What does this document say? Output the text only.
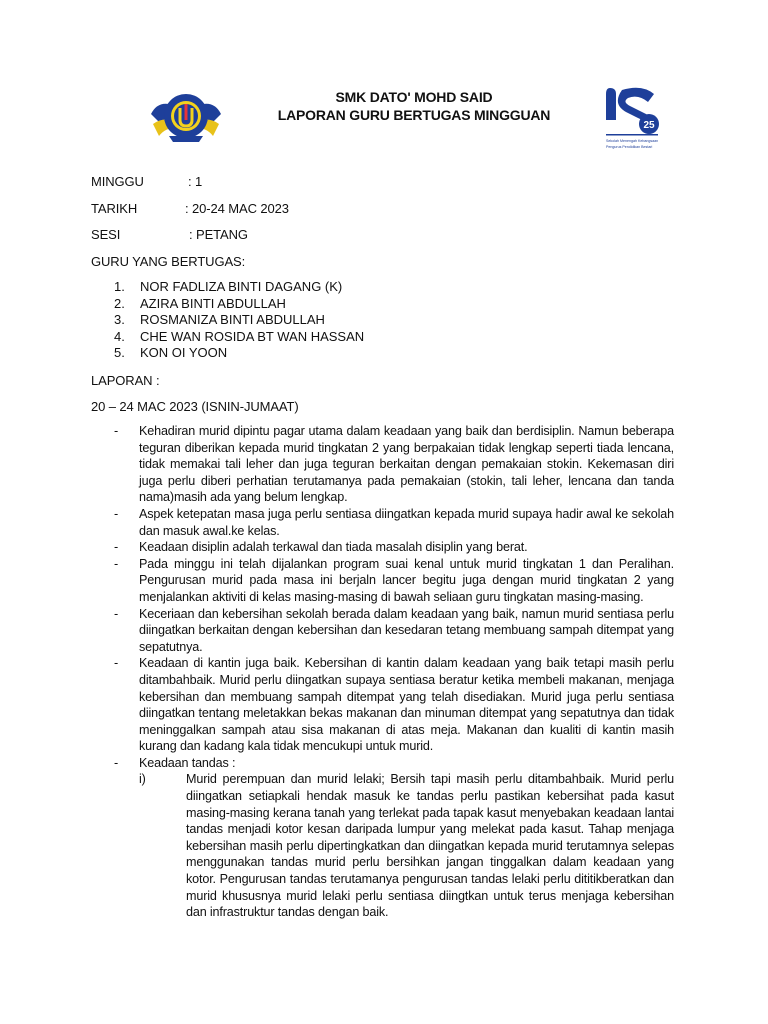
SMK DATO' MOHD SAID
LAPORAN GURU BERTUGAS MINGGUAN
25
Sekolah Menengah Kebangsaan
Pengurus Pendidikan Bestari
MINGGU	: 1
TARIKH	: 20-24 MAC 2023
SESI	: PETANG
GURU YANG BERTUGAS:
1. NOR FADLIZA BINTI DAGANG (K)
2. AZIRA BINTI ABDULLAH
3. ROSMANIZA BINTI ABDULLAH
4. CHE WAN ROSIDA BT WAN HASSAN
5. KON OI YOON
LAPORAN :
20 – 24 MAC 2023 (ISNIN-JUMAAT)
- Kehadiran murid dipintu pagar utama dalam keadaan yang baik dan berdisiplin. Namun beberapa teguran diberikan kepada murid tingkatan 2 yang berpakaian tidak lengkap seperti tiada lencana, tidak memakai tali leher dan juga teguran berkaitan dengan pemakaian stokin. Kekemasan diri juga perlu diberi perhatian terutamanya pada pemakaian (stokin, tali leher, lencana dan tanda nama)masih ada yang belum lengkap.
- Aspek ketepatan masa juga perlu sentiasa diingatkan kepada murid supaya hadir awal ke sekolah dan masuk awal.ke kelas.
- Keadaan disiplin adalah terkawal dan tiada masalah disiplin yang berat.
- Pada minggu ini telah dijalankan program suai kenal untuk murid tingkatan 1 dan Peralihan. Pengurusan murid pada masa ini berjaln lancer begitu juga dengan murid tingkatan 2 yang menjalankan aktiviti di kelas masing-masing di bawah seliaan guru tingkatan masing-masing.
- Keceriaan dan kebersihan sekolah berada dalam keadaan yang baik, namun murid sentiasa perlu diingatkan berkaitan dengan kebersihan dan kesedaran tetang membuang sampah ditempat yang sepatutnya.
- Keadaan di kantin juga baik. Kebersihan di kantin dalam keadaan yang baik tetapi masih perlu ditambahbaik. Murid perlu diingatkan supaya sentiasa beratur ketika membeli makanan, menjaga kebersihan dan membuang sampah ditempat yang telah disediakan. Murid juga perlu sentiasa diingatkan tentang meletakkan bekas makanan dan minuman ditempat yang sepatutnya dan tidak meninggalkan sampah atau sisa makanan di atas meja. Makanan dan kualiti di kantin masih kurang dan kadang kala tidak mencukupi untuk murid.
- Keadaan tandas :
i)	Murid perempuan dan murid lelaki; Bersih tapi masih perlu ditambahbaik. Murid perlu diingatkan setiapkali hendak masuk ke tandas perlu pastikan kebersihat pada kasut masing-masing kerana tanah yang terlekat pada tapak kasut menyebakan keadaan lantai tandas menjadi kotor kesan daripada lumpur yang melekat pada kasut. Tahap menjaga kebersihan masih perlu dipertingkatkan dan diingatkan kepada murid terutamnya selepas menggunakan tandas murid perlu bersihkan jangan tinggalkan dalam keadaan yang kotor. Pengurusan tandas terutamanya pengurusan tandas lelaki perlu dititikberatkan dan murid khususnya murid lelaki perlu sentiasa diingtkan untuk terus menjaga kebersihan dan infrastruktur tandas dengan baik.
